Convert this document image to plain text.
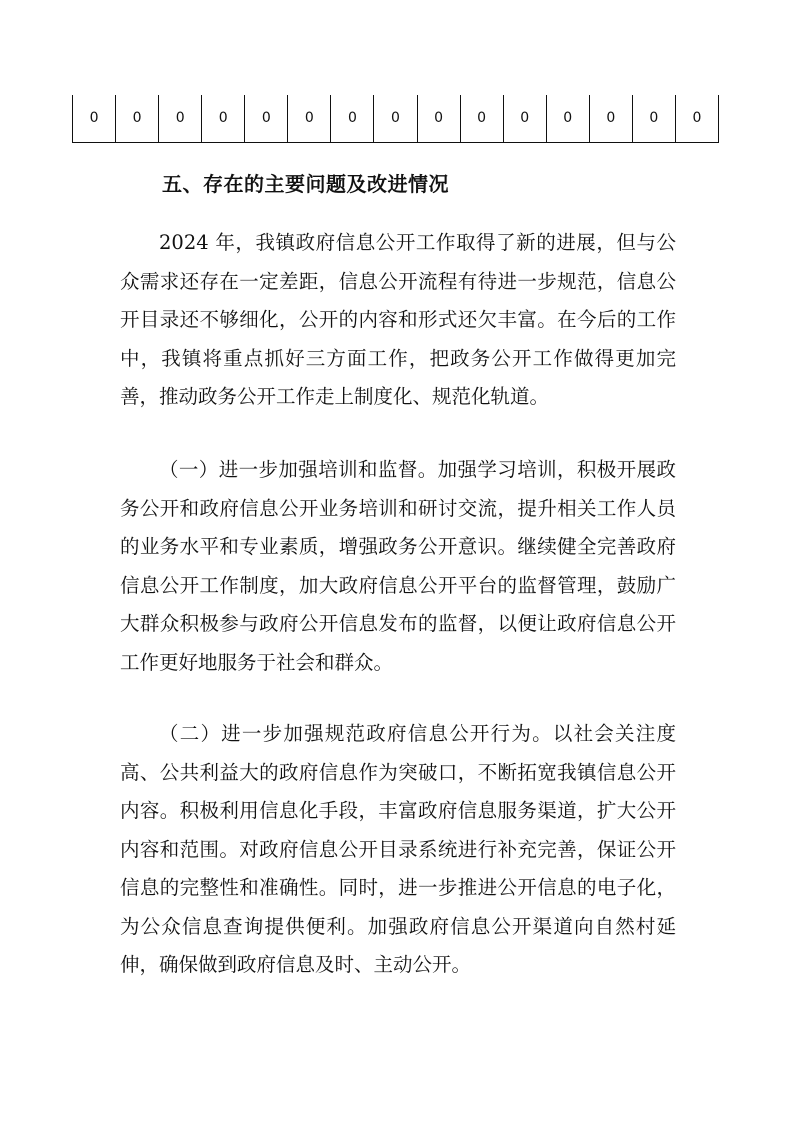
0	0	0	0	0	0	0	0	0	0	0	0	0	0	0
五、存在的主要问题及改进情况

2024 年，我镇政府信息公开工作取得了新的进展，但与公众需求还存在一定差距，信息公开流程有待进一步规范，信息公开目录还不够细化，公开的内容和形式还欠丰富。在今后的工作中，我镇将重点抓好三方面工作，把政务公开工作做得更加完善，推动政务公开工作走上制度化、规范化轨道。

（一）进一步加强培训和监督。加强学习培训，积极开展政务公开和政府信息公开业务培训和研讨交流，提升相关工作人员的业务水平和专业素质，增强政务公开意识。继续健全完善政府信息公开工作制度，加大政府信息公开平台的监督管理，鼓励广大群众积极参与政府公开信息发布的监督，以便让政府信息公开工作更好地服务于社会和群众。

（二）进一步加强规范政府信息公开行为。以社会关注度高、公共利益大的政府信息作为突破口，不断拓宽我镇信息公开内容。积极利用信息化手段，丰富政府信息服务渠道，扩大公开内容和范围。对政府信息公开目录系统进行补充完善，保证公开信息的完整性和准确性。同时，进一步推进公开信息的电子化，为公众信息查询提供便利。加强政府信息公开渠道向自然村延伸，确保做到政府信息及时、主动公开。
